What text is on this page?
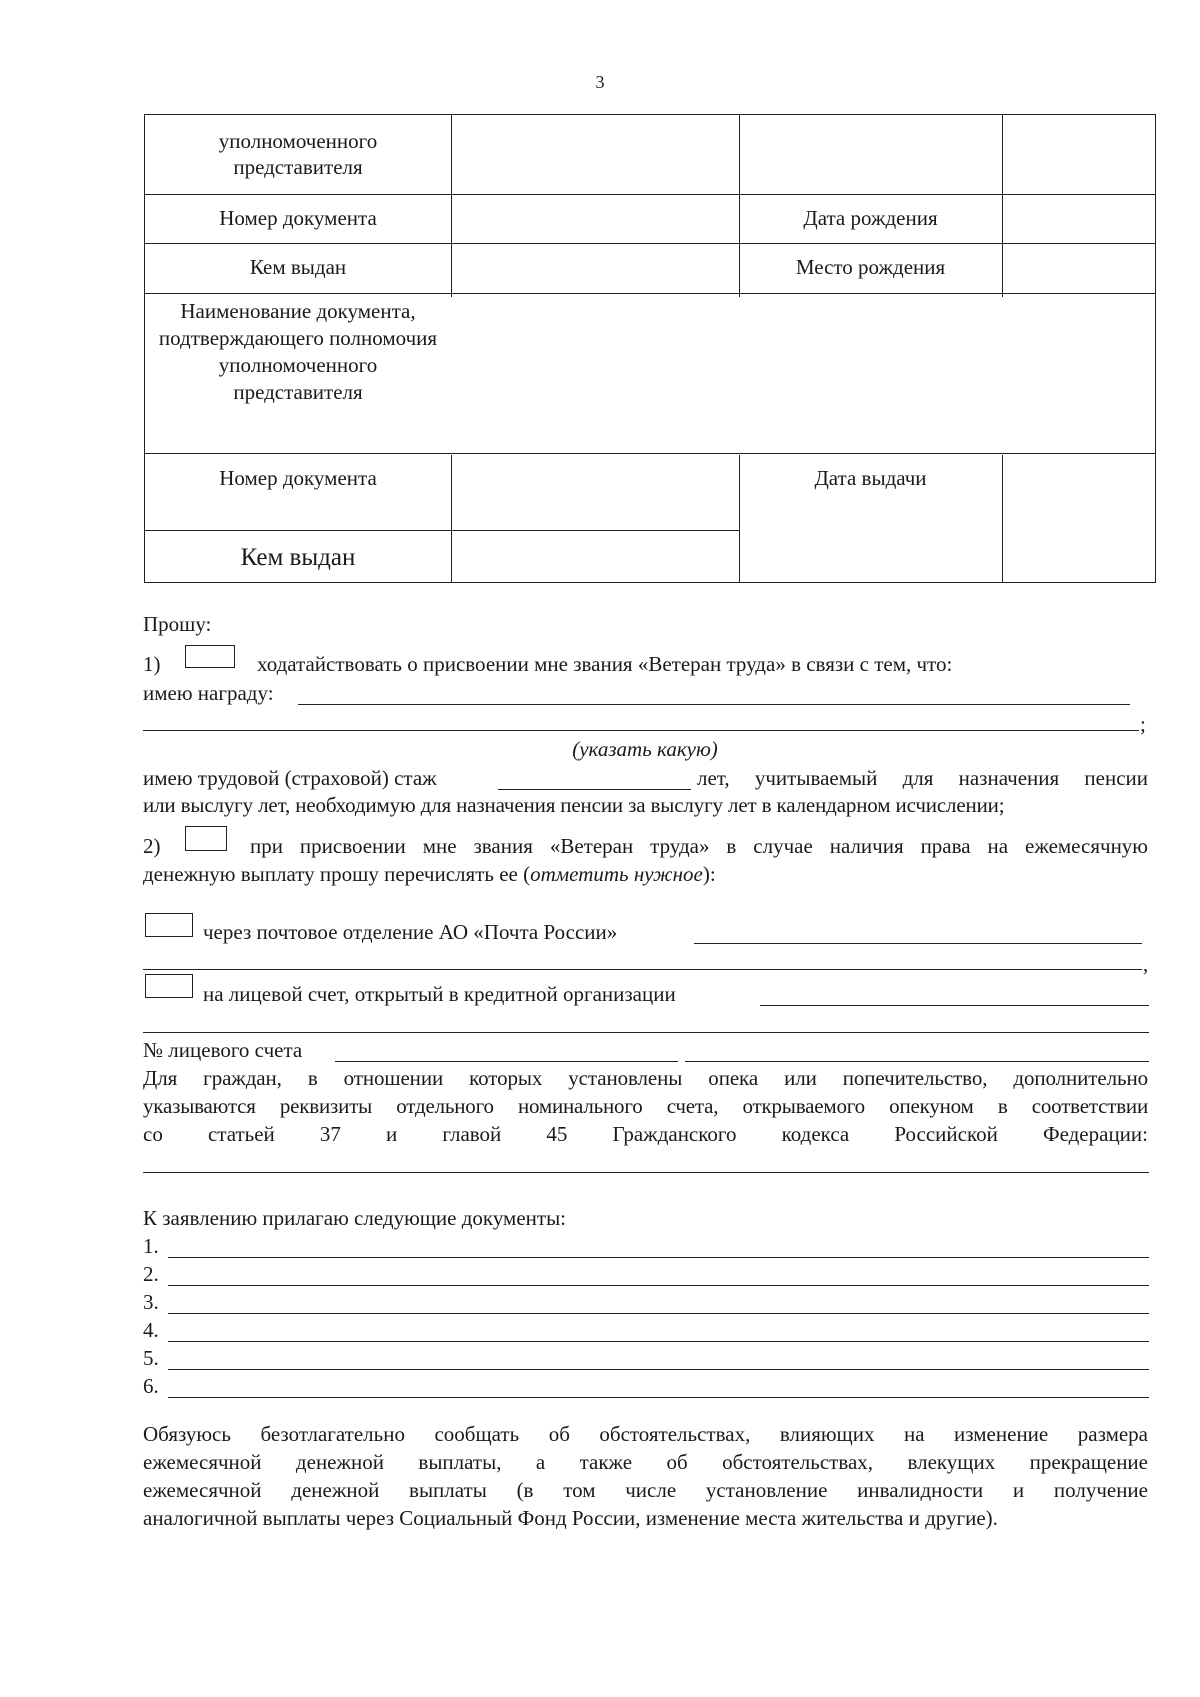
3
уполномоченного представителя
Номер документа	Дата рождения
Кем выдан	Место рождения
Наименование документа, подтверждающего полномочия уполномоченного представителя
Номер документа	Дата выдачи
Кем выдан
Прошу:
1)	ходатайствовать о присвоении мне звания «Ветеран труда» в связи с тем, что:
имею награду:
;
(указать какую)
имею трудовой (страховой) стаж	лет, учитываемый для назначения пенсии
или выслугу лет, необходимую для назначения пенсии за выслугу лет в календарном исчислении;
2)	при присвоении мне звания «Ветеран труда» в случае наличия права на ежемесячную
денежную выплату прошу перечислять ее (отметить нужное):
через почтовое отделение АО «Почта России»
,
на лицевой счет, открытый в кредитной организации
№ лицевого счета
Для граждан, в отношении которых установлены опека или попечительство, дополнительно
указываются реквизиты отдельного номинального счета, открываемого опекуном в соответствии
со статьей 37 и главой 45 Гражданского кодекса Российской Федерации:
К заявлению прилагаю следующие документы:
1.
2.
3.
4.
5.
6.
Обязуюсь безотлагательно сообщать об обстоятельствах, влияющих на изменение размера
ежемесячной денежной выплаты, а также об обстоятельствах, влекущих прекращение
ежемесячной денежной выплаты (в том числе установление инвалидности и получение
аналогичной выплаты через Социальный Фонд России, изменение места жительства и другие).
